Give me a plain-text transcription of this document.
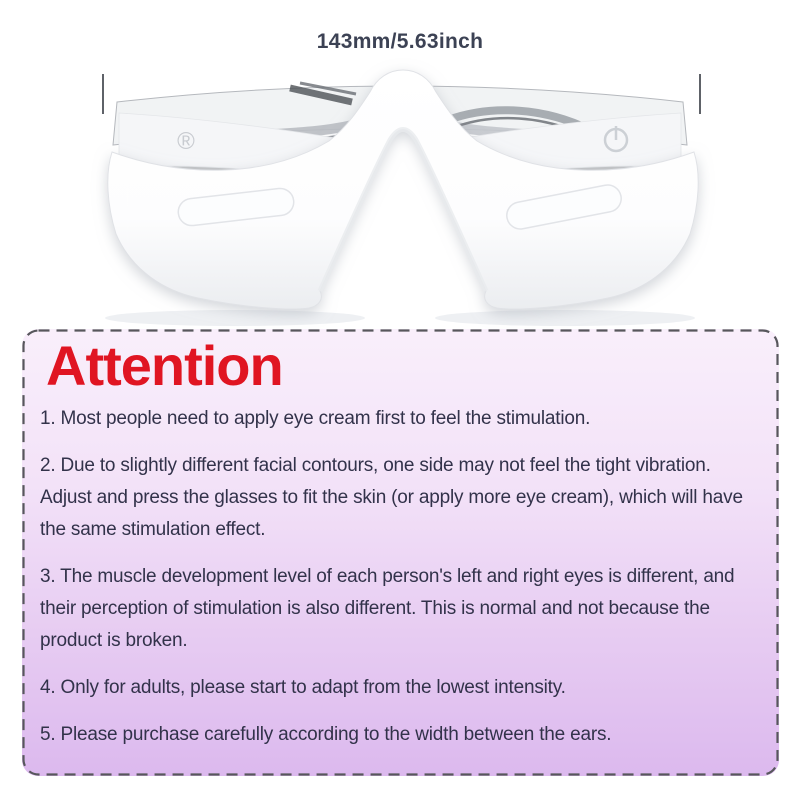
143mm/5.63inch
®
Attention

1. Most people need to apply eye cream first to feel the stimulation.

2. Due to slightly different facial contours, one side may not feel the tight vibration. Adjust and press the glasses to fit the skin (or apply more eye cream), which will have the same stimulation effect.

3. The muscle development level of each person's left and right eyes is different, and their perception of stimulation is also different. This is normal and not because the product is broken.

4. Only for adults, please start to adapt from the lowest intensity.

5. Please purchase carefully according to the width between the ears.
